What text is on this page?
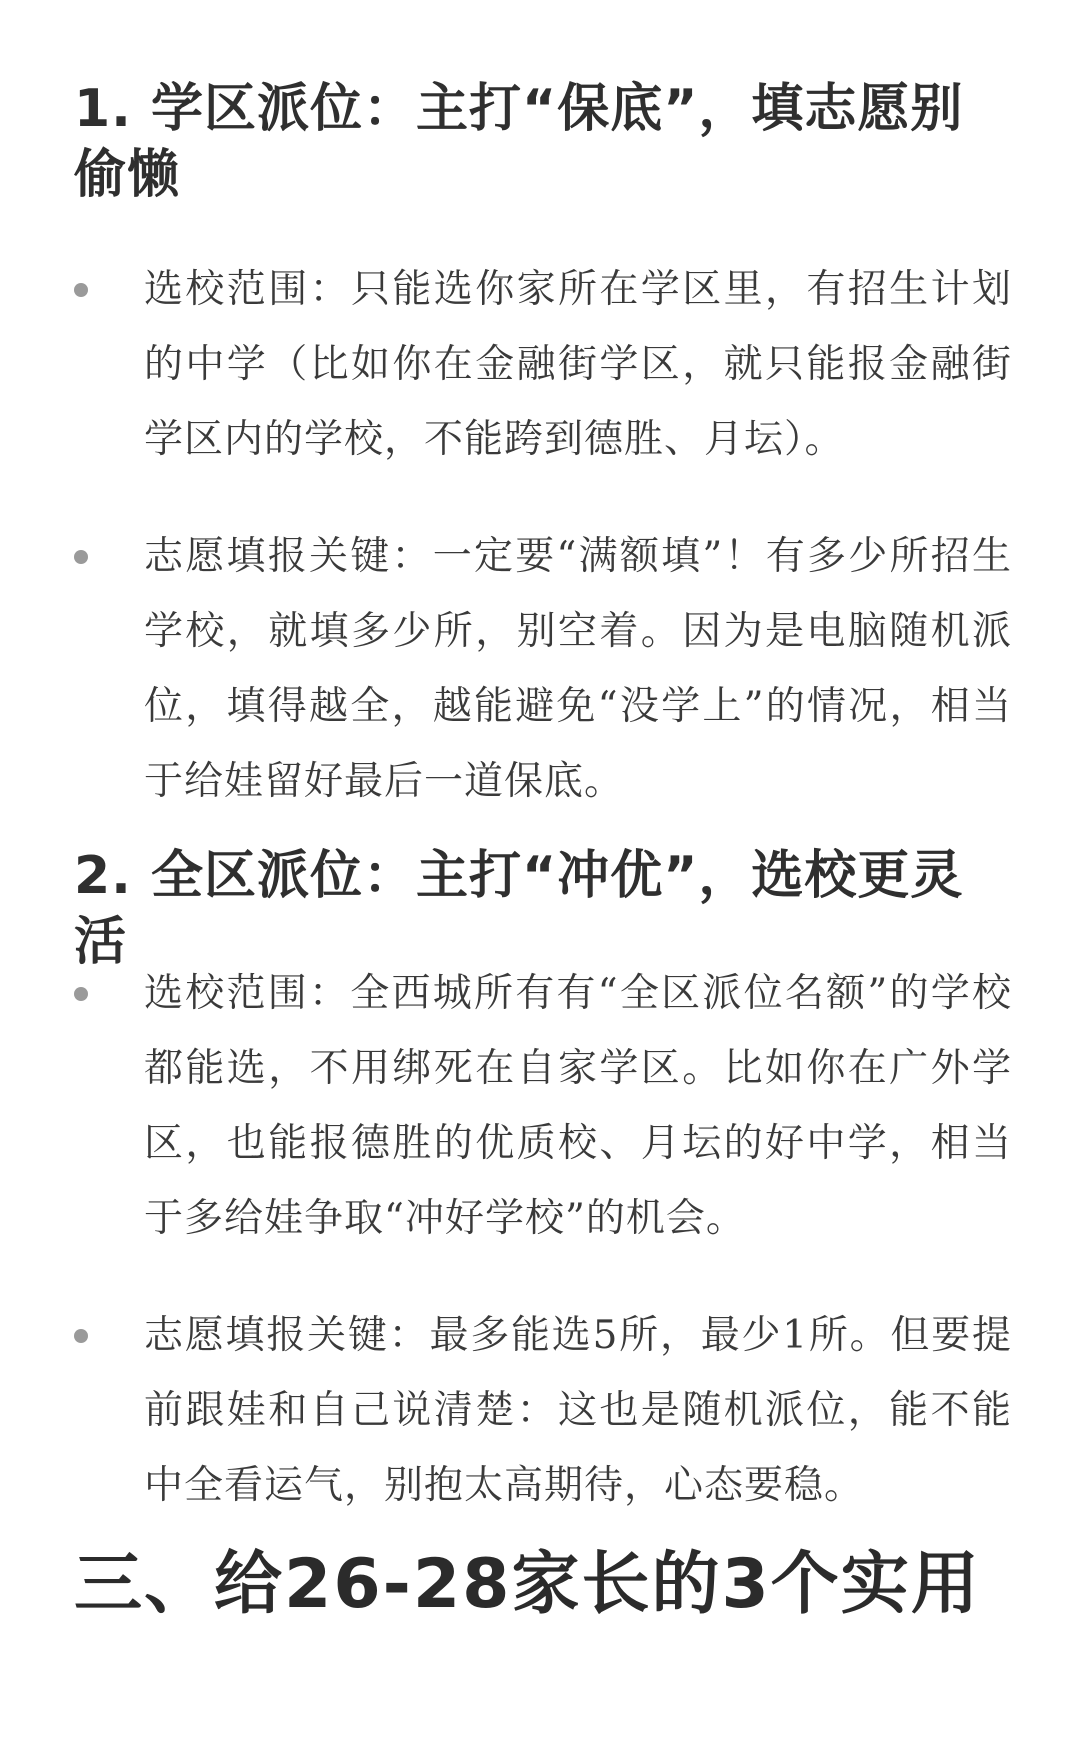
1. 学区派位：主打“保底”，填志愿别偷懒
选校范围：只能选你家所在学区里，有招生计划的中学（比如你在金融街学区，就只能报金融街学区内的学校，不能跨到德胜、月坛）。
志愿填报关键：一定要“满额填”！有多少所招生学校，就填多少所，别空着。因为是电脑随机派位，填得越全，越能避免“没学上”的情况，相当于给娃留好最后一道保底。
2. 全区派位：主打“冲优”，选校更灵活
选校范围：全西城所有有“全区派位名额”的学校都能选，不用绑死在自家学区。比如你在广外学区，也能报德胜的优质校、月坛的好中学，相当于多给娃争取“冲好学校”的机会。
志愿填报关键：最多能选5所，最少1所。但要提前跟娃和自己说清楚：这也是随机派位，能不能中全看运气，别抱太高期待，心态要稳。
三、给26-28家长的3个实用
